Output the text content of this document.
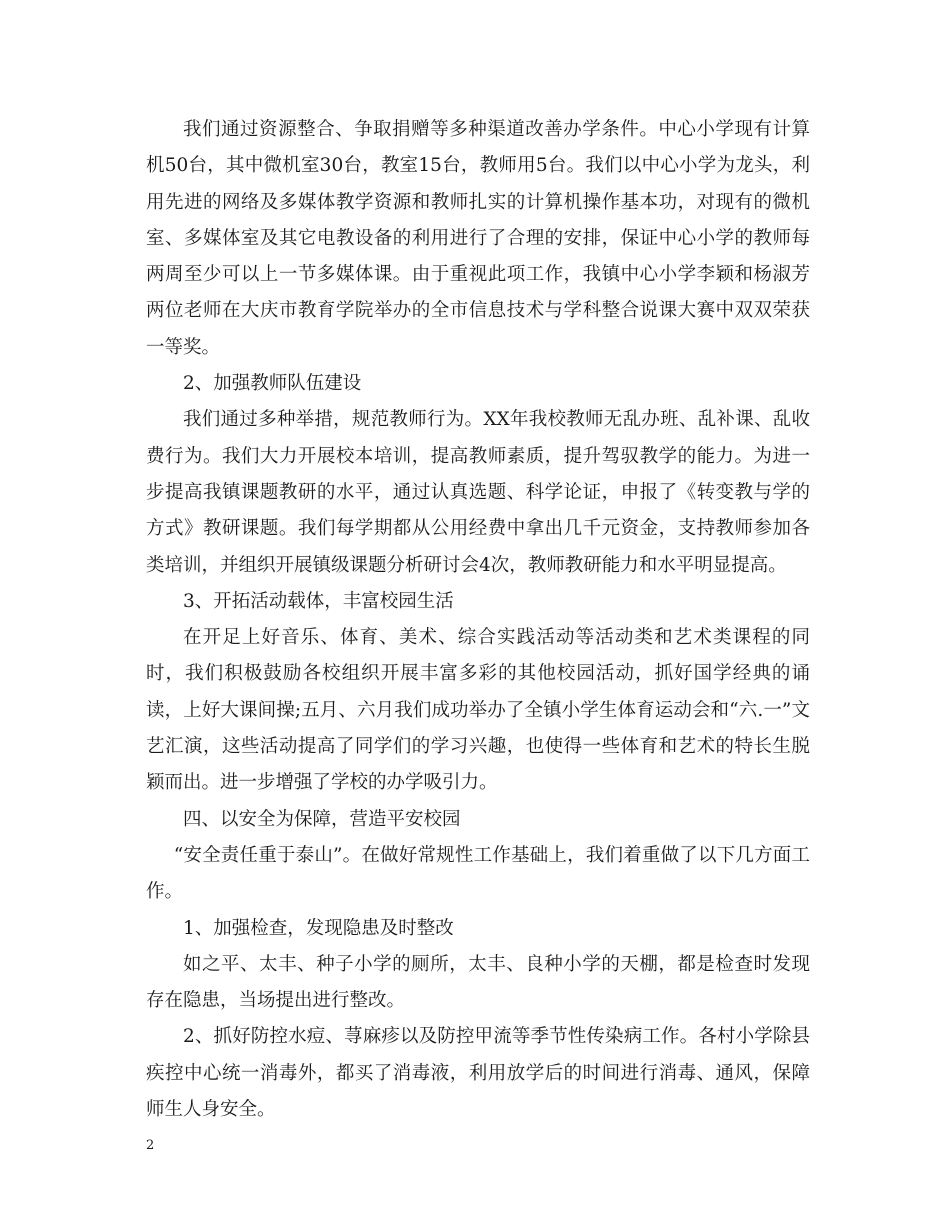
我们通过资源整合、争取捐赠等多种渠道改善办学条件。中心小学现有计算机50台，其中微机室30台，教室15台，教师用5台。我们以中心小学为龙头，利用先进的网络及多媒体教学资源和教师扎实的计算机操作基本功，对现有的微机室、多媒体室及其它电教设备的利用进行了合理的安排，保证中心小学的教师每两周至少可以上一节多媒体课。由于重视此项工作，我镇中心小学李颖和杨淑芳两位老师在大庆市教育学院举办的全市信息技术与学科整合说课大赛中双双荣获一等奖。

2、加强教师队伍建设

我们通过多种举措，规范教师行为。XX年我校教师无乱办班、乱补课、乱收费行为。我们大力开展校本培训，提高教师素质，提升驾驭教学的能力。为进一步提高我镇课题教研的水平，通过认真选题、科学论证，申报了《转变教与学的方式》教研课题。我们每学期都从公用经费中拿出几千元资金，支持教师参加各类培训，并组织开展镇级课题分析研讨会4次，教师教研能力和水平明显提高。

3、开拓活动载体，丰富校园生活

在开足上好音乐、体育、美术、综合实践活动等活动类和艺术类课程的同时，我们积极鼓励各校组织开展丰富多彩的其他校园活动，抓好国学经典的诵读，上好大课间操;五月、六月我们成功举办了全镇小学生体育运动会和“六.一”文艺汇演，这些活动提高了同学们的学习兴趣，也使得一些体育和艺术的特长生脱颖而出。进一步增强了学校的办学吸引力。

四、以安全为保障，营造平安校园

“安全责任重于泰山”。在做好常规性工作基础上，我们着重做了以下几方面工作。

1、加强检查，发现隐患及时整改

如之平、太丰、种子小学的厕所，太丰、良种小学的天棚，都是检查时发现存在隐患，当场提出进行整改。

2、抓好防控水痘、荨麻疹以及防控甲流等季节性传染病工作。各村小学除县疾控中心统一消毒外，都买了消毒液，利用放学后的时间进行消毒、通风，保障师生人身安全。

2
